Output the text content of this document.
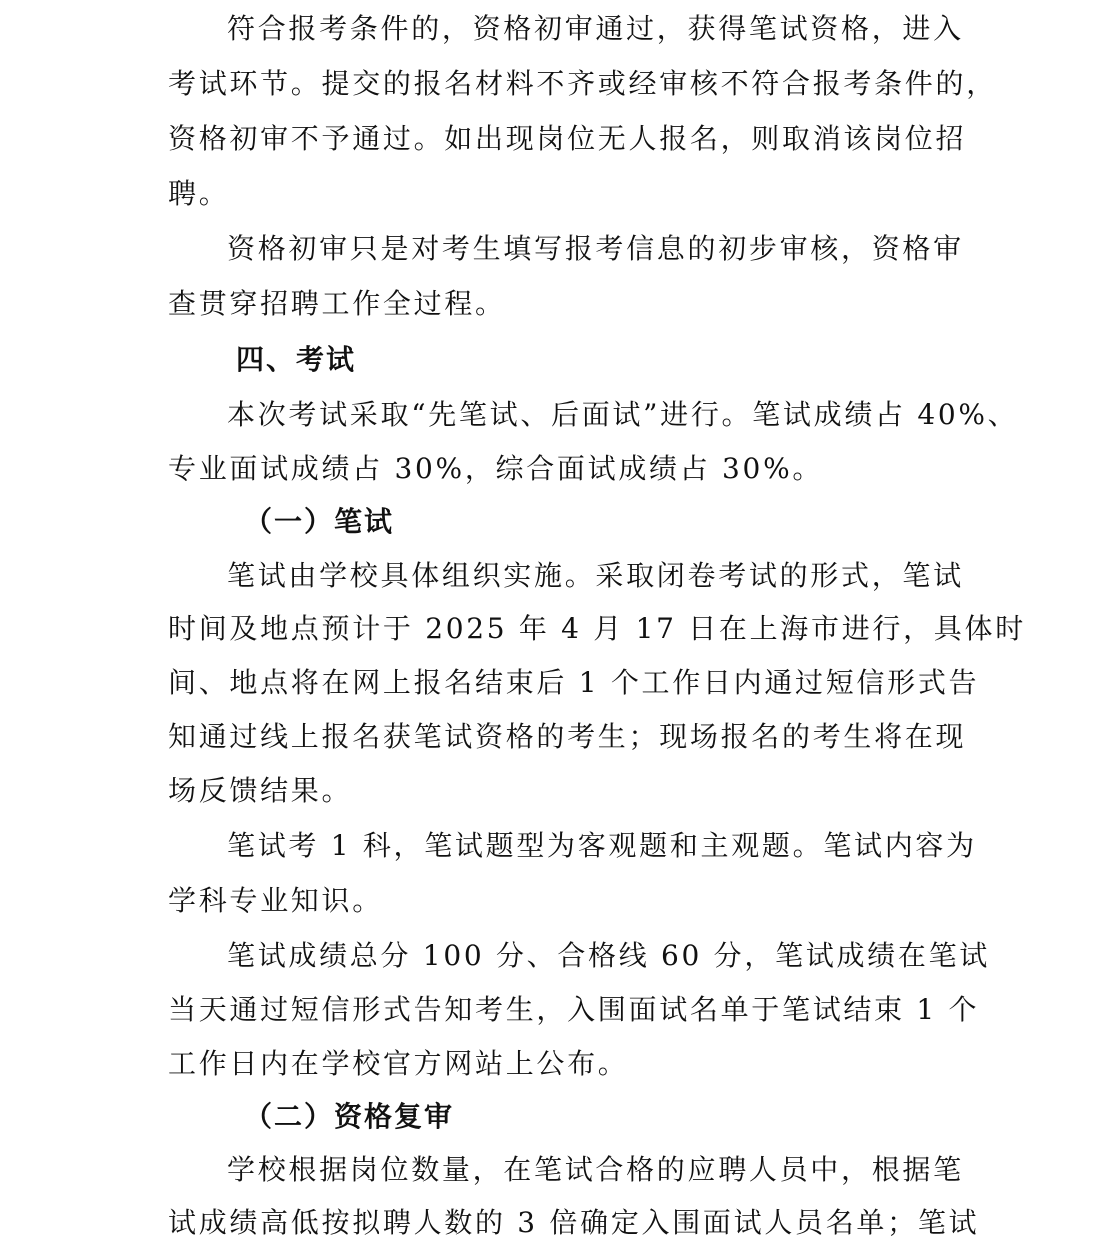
符合报考条件的，资格初审通过，获得笔试资格，进入
考试环节。提交的报名材料不齐或经审核不符合报考条件的，
资格初审不予通过。如出现岗位无人报名，则取消该岗位招
聘。
资格初审只是对考生填写报考信息的初步审核，资格审
查贯穿招聘工作全过程。
四、考试
本次考试采取“先笔试、后面试”进行。笔试成绩占 40%、
专业面试成绩占 30%，综合面试成绩占 30%。
（一）笔试
笔试由学校具体组织实施。采取闭卷考试的形式，笔试
时间及地点预计于 2025 年 4 月 17 日在上海市进行，具体时
间、地点将在网上报名结束后 1 个工作日内通过短信形式告
知通过线上报名获笔试资格的考生；现场报名的考生将在现
场反馈结果。
笔试考 1 科，笔试题型为客观题和主观题。笔试内容为
学科专业知识。
笔试成绩总分 100 分、合格线 60 分，笔试成绩在笔试
当天通过短信形式告知考生，入围面试名单于笔试结束 1 个
工作日内在学校官方网站上公布。
（二）资格复审
学校根据岗位数量，在笔试合格的应聘人员中，根据笔
试成绩高低按拟聘人数的 3 倍确定入围面试人员名单；笔试
